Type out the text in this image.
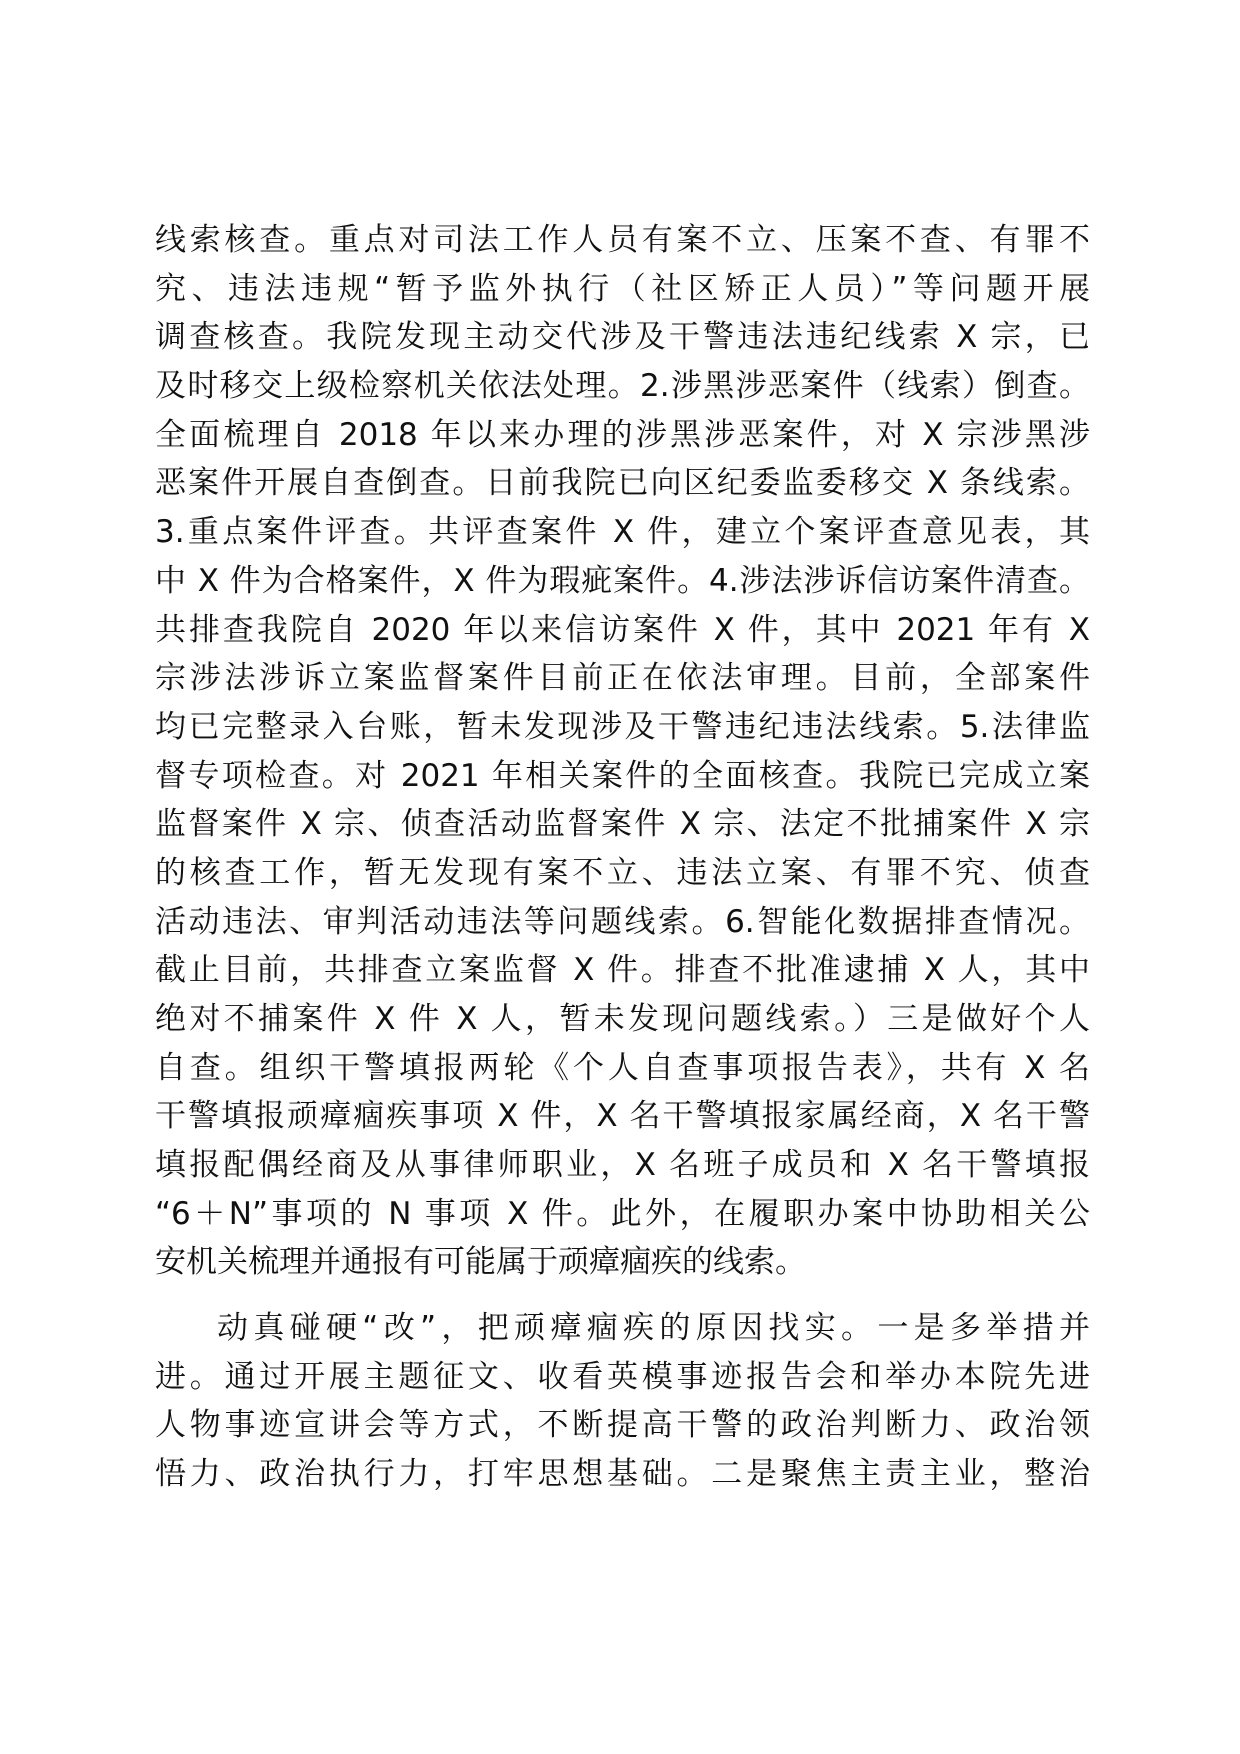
线索核查。重点对司法工作人员有案不立、压案不查、有罪不
究、违法违规“暂予监外执行（社区矫正人员）”等问题开展
调查核查。我院发现主动交代涉及干警违法违纪线索 X 宗，已
及时移交上级检察机关依法处理。2.涉黑涉恶案件（线索）倒查。
全面梳理自 2018 年以来办理的涉黑涉恶案件，对 X 宗涉黑涉
恶案件开展自查倒查。日前我院已向区纪委监委移交 X 条线索。
3.重点案件评查。共评查案件 X 件，建立个案评查意见表，其
中 X 件为合格案件，X 件为瑕疵案件。4.涉法涉诉信访案件清查。
共排查我院自 2020 年以来信访案件 X 件，其中 2021 年有 X
宗涉法涉诉立案监督案件目前正在依法审理。目前，全部案件
均已完整录入台账，暂未发现涉及干警违纪违法线索。5.法律监
督专项检查。对 2021 年相关案件的全面核查。我院已完成立案
监督案件 X 宗、侦查活动监督案件 X 宗、法定不批捕案件 X 宗
的核查工作，暂无发现有案不立、违法立案、有罪不究、侦查
活动违法、审判活动违法等问题线索。6.智能化数据排查情况。
截止目前，共排查立案监督 X 件。排查不批准逮捕 X 人，其中
绝对不捕案件 X 件 X 人，暂未发现问题线索。）三是做好个人
自查。组织干警填报两轮《个人自查事项报告表》，共有 X 名
干警填报顽瘴痼疾事项 X 件，X 名干警填报家属经商，X 名干警
填报配偶经商及从事律师职业，X 名班子成员和 X 名干警填报
“6＋N”事项的 N 事项 X 件。此外，在履职办案中协助相关公
安机关梳理并通报有可能属于顽瘴痼疾的线索。
动真碰硬“改”，把顽瘴痼疾的原因找实。一是多举措并
进。通过开展主题征文、收看英模事迹报告会和举办本院先进
人物事迹宣讲会等方式，不断提高干警的政治判断力、政治领
悟力、政治执行力，打牢思想基础。二是聚焦主责主业，整治
